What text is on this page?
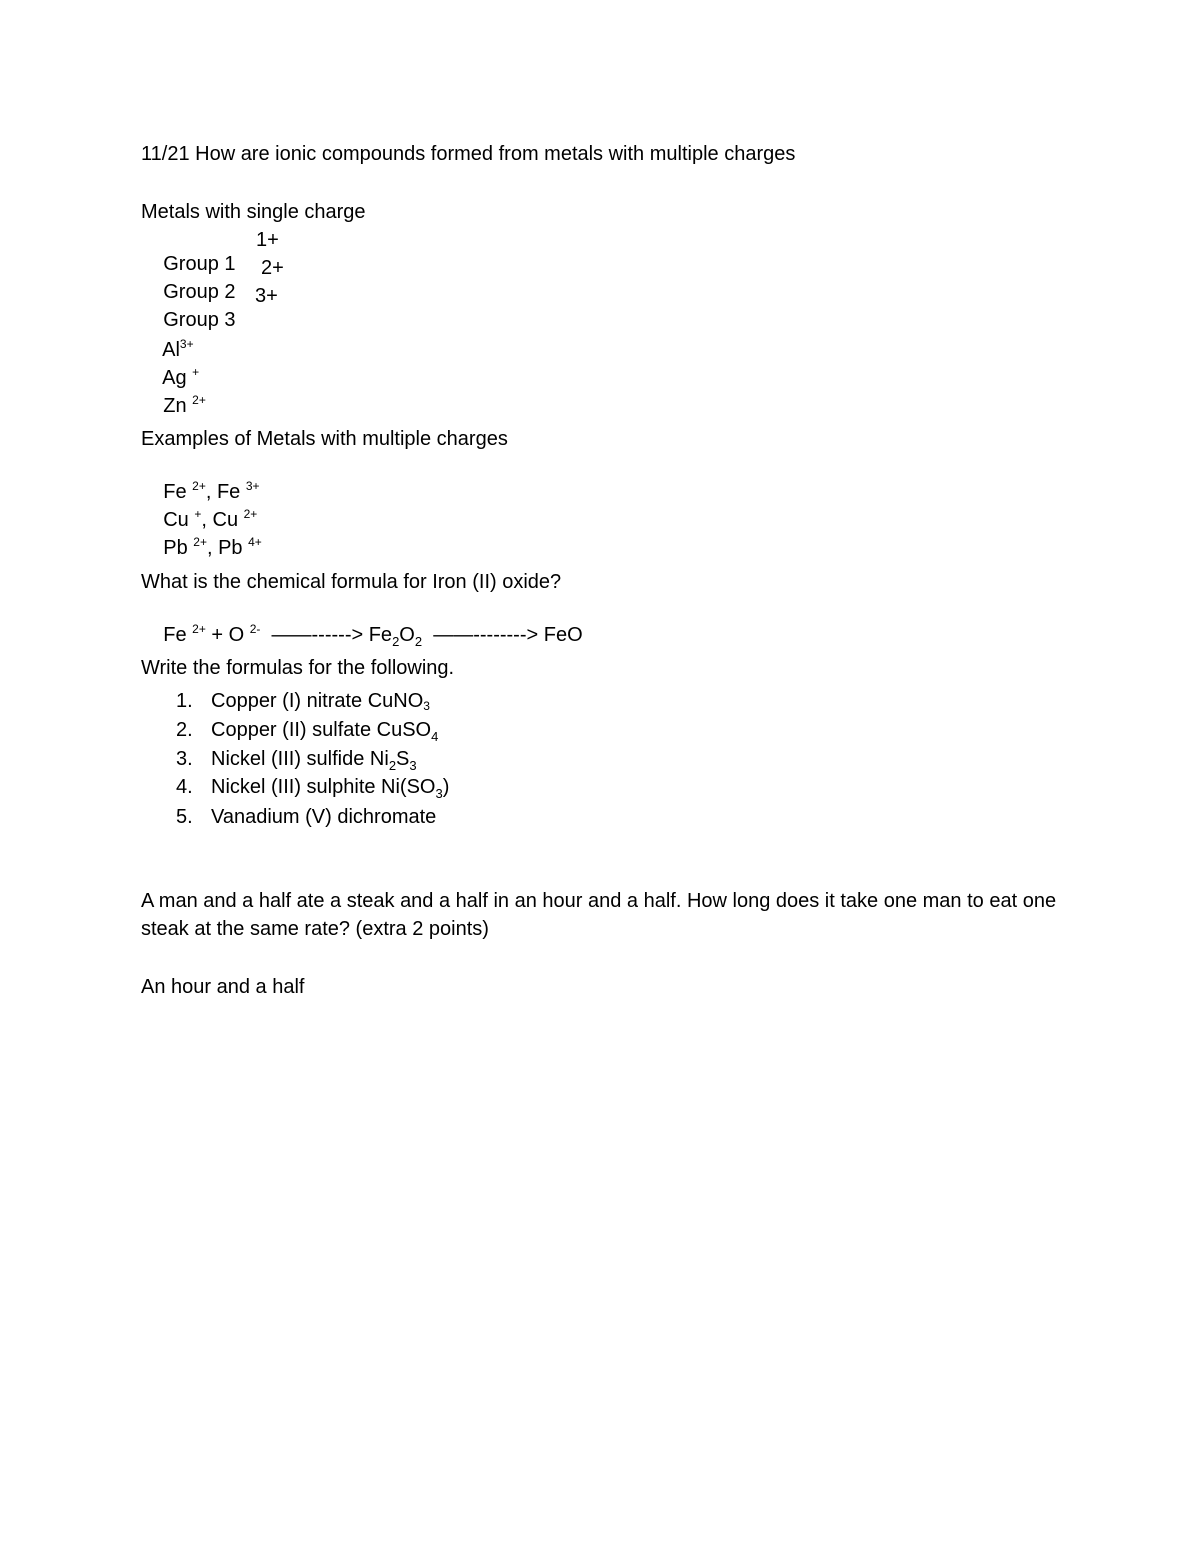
11/21 How are ionic compounds formed from metals with multiple charges
Metals with single charge

Group 1

1+

Group 2

2+

Group 3

3+

$Al^{3+}$

Ag +

Zn $^{2+}$

Examples of Metals with multiple charges

Fe $^{2+}$, Fe $^{3+}$

Cu +, Cu $^{2+}$

Pb $^{2+}$, Pb $^{4+}$

What is the chemical formula for Iron (II) oxide?

Fe $^{2+}$ + O $^{2-}$  ——------> $Fe_2O_2$  ——--------> FeO

Write the formulas for the following.
1. Copper (I) nitrate CuNO$_3$
2. Copper (II) sulfate CuSO$_4$
3. Nickel (III) sulfide $Ni_2S_3$
4. Nickel (III) sulphite $Ni(SO_3)$
5. Vanadium (V) dichromate
A man and a half ate a steak and a half in an hour and a half. How long does it take one man to eat one steak at the same rate? (extra 2 points)
An hour and a half
